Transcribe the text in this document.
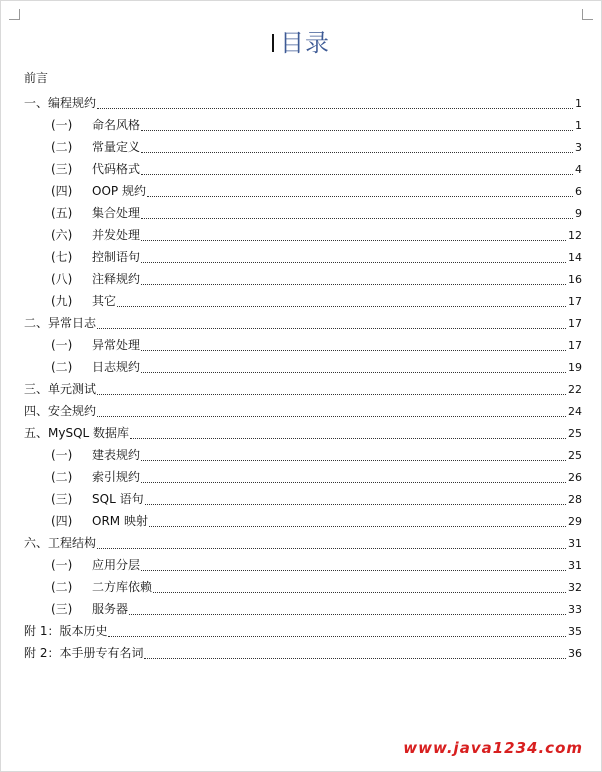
目录
前言
一、 编程规约	1
(一)	命名风格	1
(二)	常量定义	3
(三)	代码格式	4
(四)	OOP 规约	6
(五)	集合处理	9
(六)	并发处理	12
(七)	控制语句	14
(八)	注释规约	16
(九)	其它	17
二、 异常日志	17
(一)	异常处理	17
(二)	日志规约	19
三、 单元测试	22
四、 安全规约	24
五、 MySQL 数据库	25
(一)	建表规约	25
(二)	索引规约	26
(三)	SQL 语句	28
(四)	ORM 映射	29
六、 工程结构	31
(一)	应用分层	31
(二)	二方库依赖	32
(三)	服务器	33
附 1： 版本历史	35
附 2： 本手册专有名词	36
www.java1234.com
